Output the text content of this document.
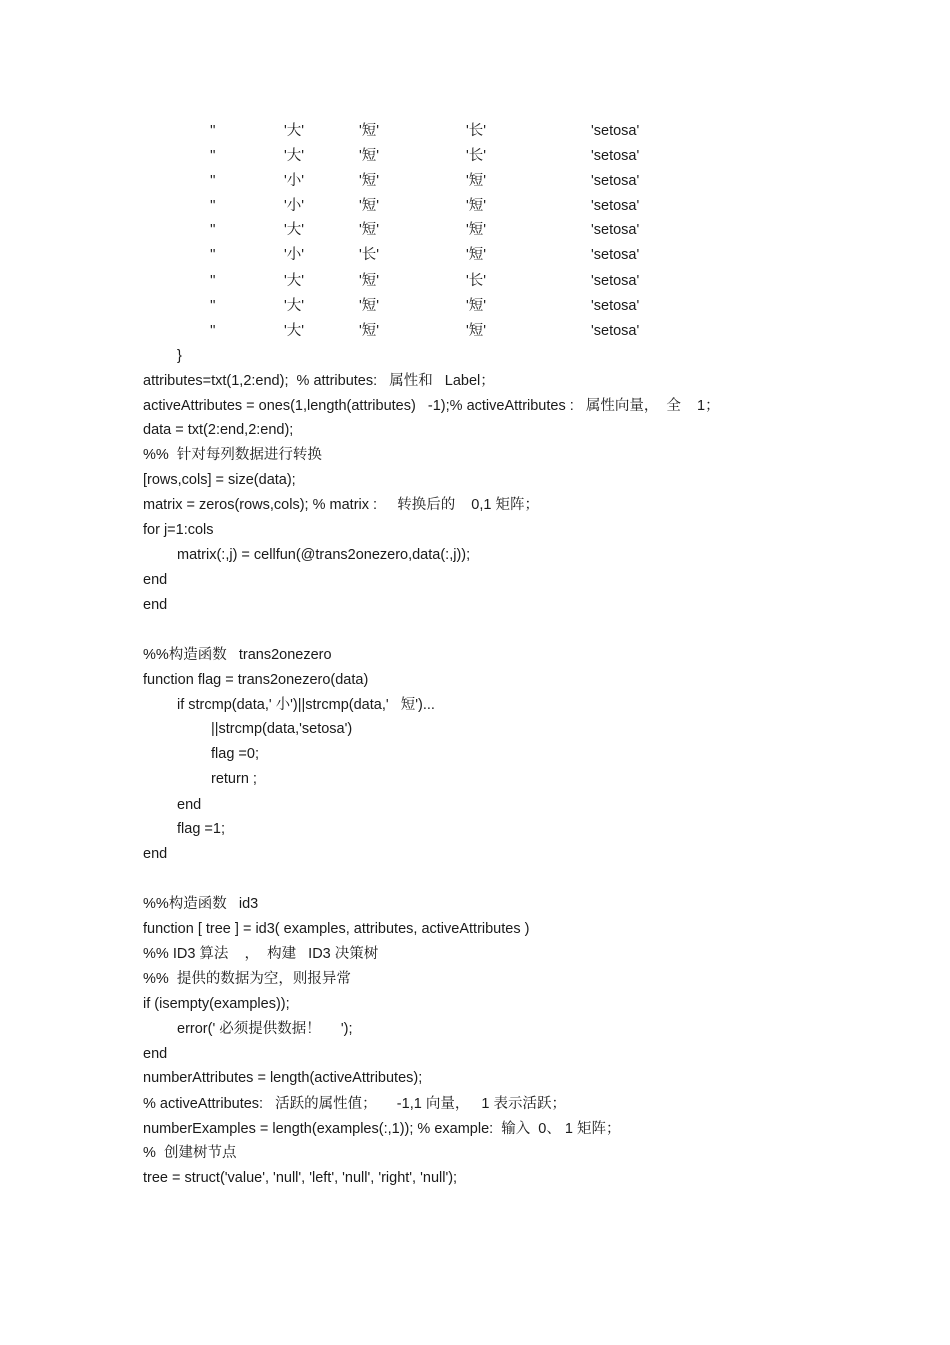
''	'大'	'短'	'长'	'setosa'
''	'大'	'短'	'长'	'setosa'
''	'小'	'短'	'短'	'setosa'
''	'小'	'短'	'短'	'setosa'
''	'大'	'短'	'短'	'setosa'
''	'小'	'长'	'短'	'setosa'
''	'大'	'短'	'长'	'setosa'
''	'大'	'短'	'短'	'setosa'
''	'大'	'短'	'短'	'setosa'
}
attributes=txt(1,2:end);  % attributes:   属性和   Label；
activeAttributes = ones(1,length(attributes)   -1);% activeAttributes :   属性向量，  全    1；
data = txt(2:end,2:end);
%%  针对每列数据进行转换
[rows,cols] = size(data);
matrix = zeros(rows,cols); % matrix :     转换后的    0,1 矩阵；
for j=1:cols
matrix(:,j) = cellfun(@trans2onezero,data(:,j));
end
end
%%构造函数   trans2onezero
function flag = trans2onezero(data)
if strcmp(data,' 小')||strcmp(data,'   短')...
||strcmp(data,'setosa')
flag =0;
return ;
end
flag =1;
end
%%构造函数   id3
function [ tree ] = id3( examples, attributes, activeAttributes )
%% ID3 算法    ，  构建   ID3 决策树
%%  提供的数据为空，则报异常
if (isempty(examples));
error(' 必须提供数据！     ');
end
numberAttributes = length(activeAttributes);
% activeAttributes:   活跃的属性值；     -1,1 向量，   1 表示活跃；
numberExamples = length(examples(:,1)); % example:  输入  0、 1 矩阵；
%  创建树节点
tree = struct('value', 'null', 'left', 'null', 'right', 'null');
